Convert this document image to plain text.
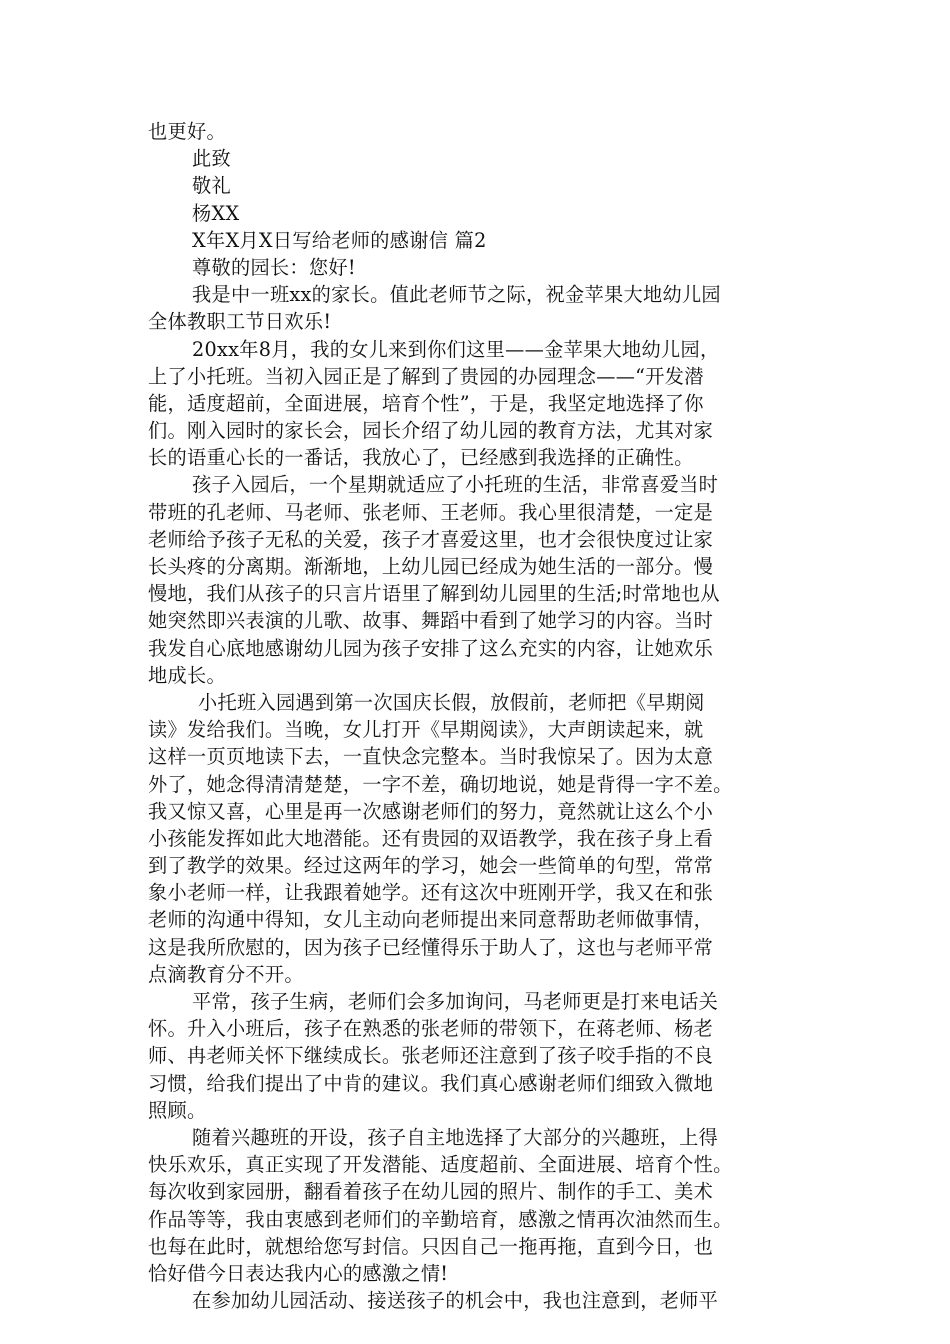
也更好。
此致
敬礼
杨XX
X年X月X日写给老师的感谢信 篇2
尊敬的园长：您好!
我是中一班xx的家长。值此老师节之际，祝金苹果大地幼儿园
全体教职工节日欢乐!
20xx年8月，我的女儿来到你们这里——金苹果大地幼儿园，
上了小托班。当初入园正是了解到了贵园的办园理念——“开发潜
能，适度超前，全面进展，培育个性”，于是，我坚定地选择了你
们。刚入园时的家长会，园长介绍了幼儿园的教育方法，尤其对家
长的语重心长的一番话，我放心了，已经感到我选择的正确性。
孩子入园后，一个星期就适应了小托班的生活，非常喜爱当时
带班的孔老师、马老师、张老师、王老师。我心里很清楚，一定是
老师给予孩子无私的关爱，孩子才喜爱这里，也才会很快度过让家
长头疼的分离期。渐渐地，上幼儿园已经成为她生活的一部分。慢
慢地，我们从孩子的只言片语里了解到幼儿园里的生活;时常地也从
她突然即兴表演的儿歌、故事、舞蹈中看到了她学习的内容。当时
我发自心底地感谢幼儿园为孩子安排了这么充实的内容，让她欢乐
地成长。
小托班入园遇到第一次国庆长假，放假前，老师把《早期阅
读》发给我们。当晚，女儿打开《早期阅读》，大声朗读起来，就
这样一页页地读下去，一直快念完整本。当时我惊呆了。因为太意
外了，她念得清清楚楚，一字不差，确切地说，她是背得一字不差。
我又惊又喜，心里是再一次感谢老师们的努力，竟然就让这么个小
小孩能发挥如此大地潜能。还有贵园的双语教学，我在孩子身上看
到了教学的效果。经过这两年的学习，她会一些简单的句型，常常
象小老师一样，让我跟着她学。还有这次中班刚开学，我又在和张
老师的沟通中得知，女儿主动向老师提出来同意帮助老师做事情，
这是我所欣慰的，因为孩子已经懂得乐于助人了，这也与老师平常
点滴教育分不开。
平常，孩子生病，老师们会多加询问，马老师更是打来电话关
怀。升入小班后，孩子在熟悉的张老师的带领下，在蒋老师、杨老
师、冉老师关怀下继续成长。张老师还注意到了孩子咬手指的不良
习惯，给我们提出了中肯的建议。我们真心感谢老师们细致入微地
照顾。
随着兴趣班的开设，孩子自主地选择了大部分的兴趣班，上得
快乐欢乐，真正实现了开发潜能、适度超前、全面进展、培育个性。
每次收到家园册，翻看着孩子在幼儿园的照片、制作的手工、美术
作品等等，我由衷感到老师们的辛勤培育，感激之情再次油然而生。
也每在此时，就想给您写封信。只因自己一拖再拖，直到今日，也
恰好借今日表达我内心的感激之情!
在参加幼儿园活动、接送孩子的机会中，我也注意到，老师平
